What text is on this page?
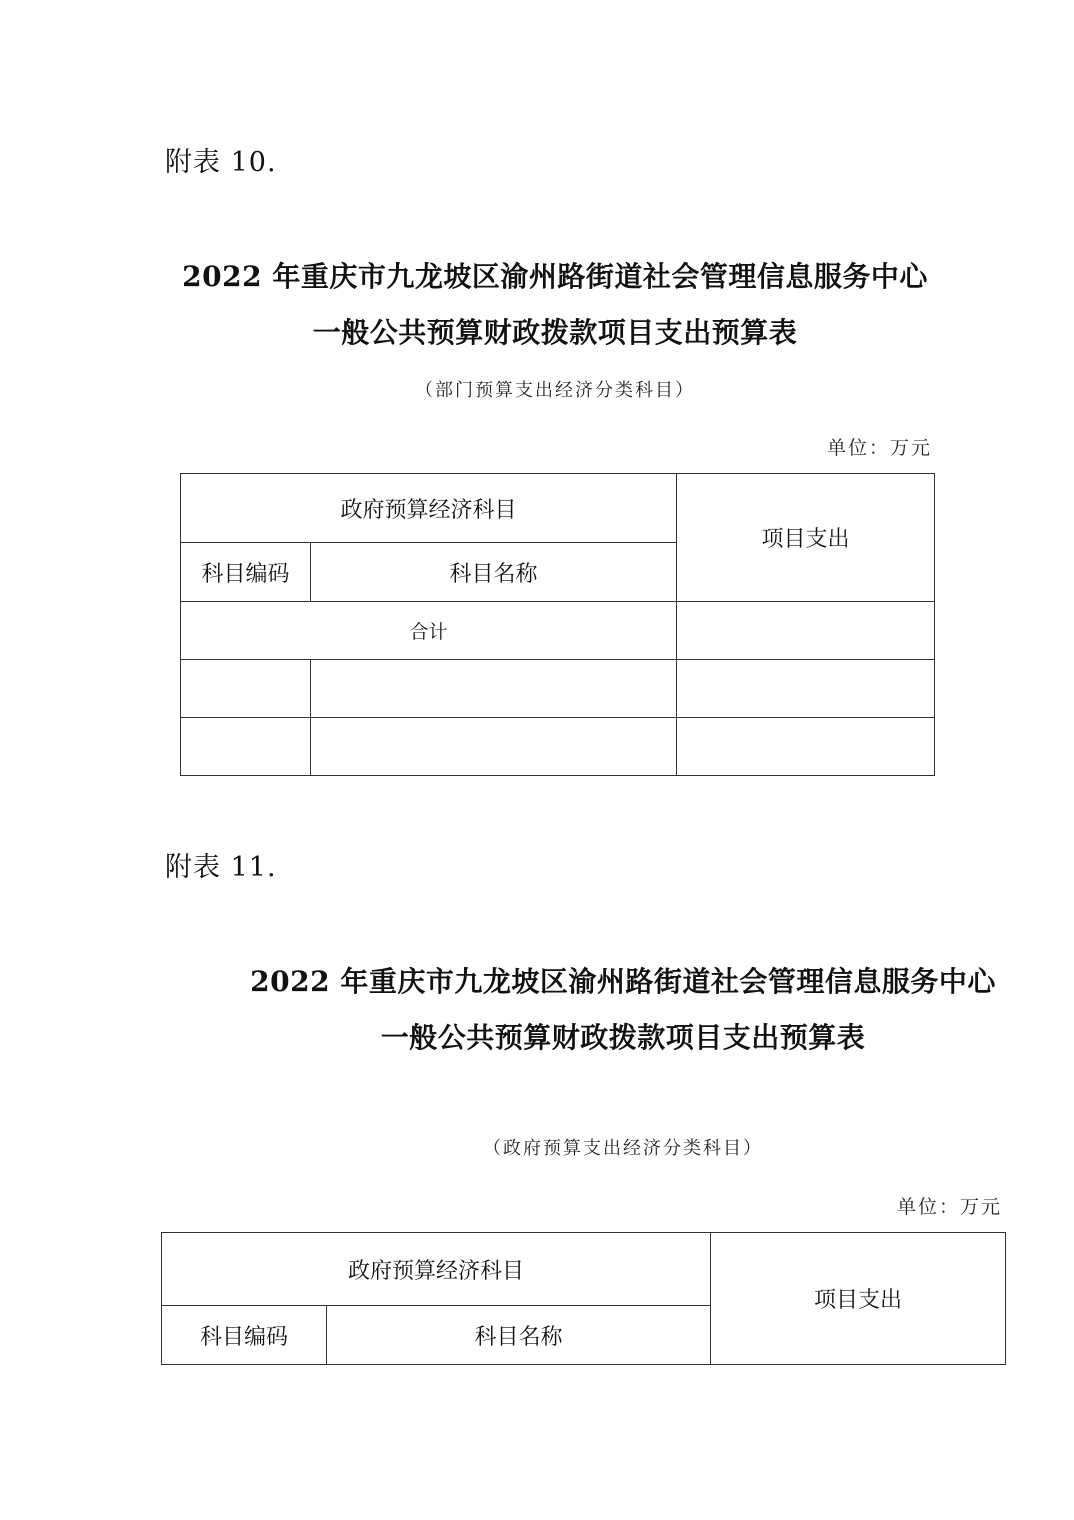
附表 10.
2022 年重庆市九龙坡区渝州路街道社会管理信息服务中心
一般公共预算财政拨款项目支出预算表
（部门预算支出经济分类科目）
单位：万元
政府预算经济科目		项目支出
科目编码	科目名称	
合计		

附表 11.
2022 年重庆市九龙坡区渝州路街道社会管理信息服务中心
一般公共预算财政拨款项目支出预算表
（政府预算支出经济分类科目）
单位：万元
政府预算经济科目		项目支出
科目编码	科目名称	
